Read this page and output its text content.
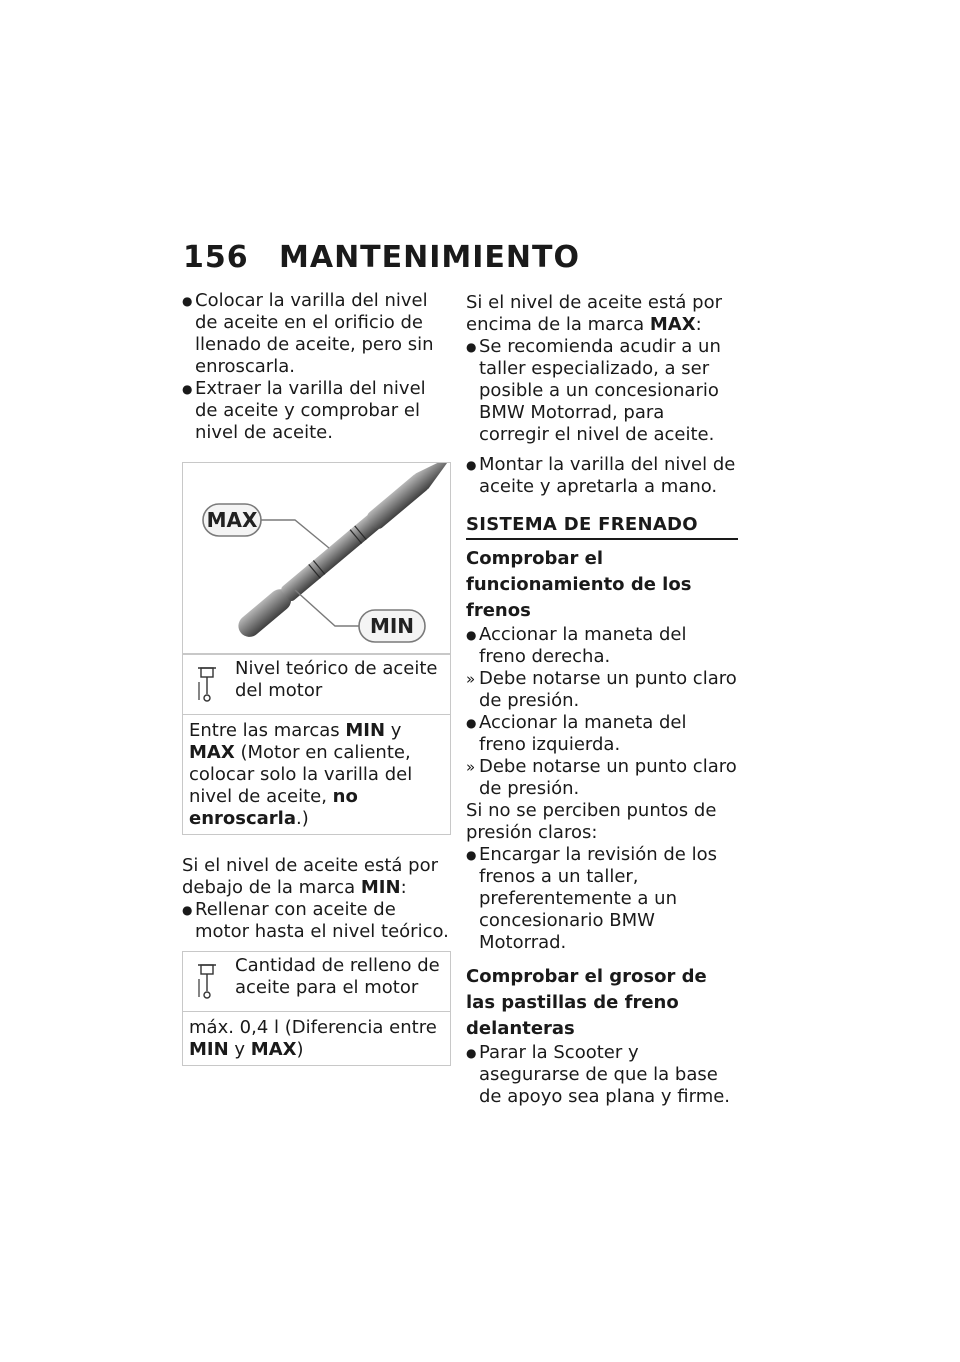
156	MANTENIMIENTO
● Colocar la varilla del nivel de aceite en el orificio de llenado de aceite, pero sin enroscarla.
● Extraer la varilla del nivel de aceite y comprobar el nivel de aceite.
MAX
MIN
Nivel teórico de aceite del motor
Entre las marcas MIN y MAX (Motor en caliente, colocar solo la varilla del nivel de aceite, no enroscarla.)

Si el nivel de aceite está por debajo de la marca MIN:

● Rellenar con aceite de motor hasta el nivel teórico.
Cantidad de relleno de aceite para el motor
máx. 0,4 l (Diferencia entre MIN y MAX)

Si el nivel de aceite está por encima de la marca MAX:

● Se recomienda acudir a un taller especializado, a ser posible a un concesionario BMW Motorrad, para corregir el nivel de aceite.
● Montar la varilla del nivel de aceite y apretarla a mano.
SISTEMA DE FRENADO
Comprobar el funcionamiento de los frenos
● Accionar la maneta del freno derecha.
» Debe notarse un punto claro de presión.
● Accionar la maneta del freno izquierda.
» Debe notarse un punto claro de presión.

Si no se perciben puntos de presión claros:

● Encargar la revisión de los frenos a un taller, preferentemente a un concesionario BMW Motorrad.
Comprobar el grosor de las pastillas de freno delanteras
● Parar la Scooter y asegurarse de que la base de apoyo sea plana y firme.
